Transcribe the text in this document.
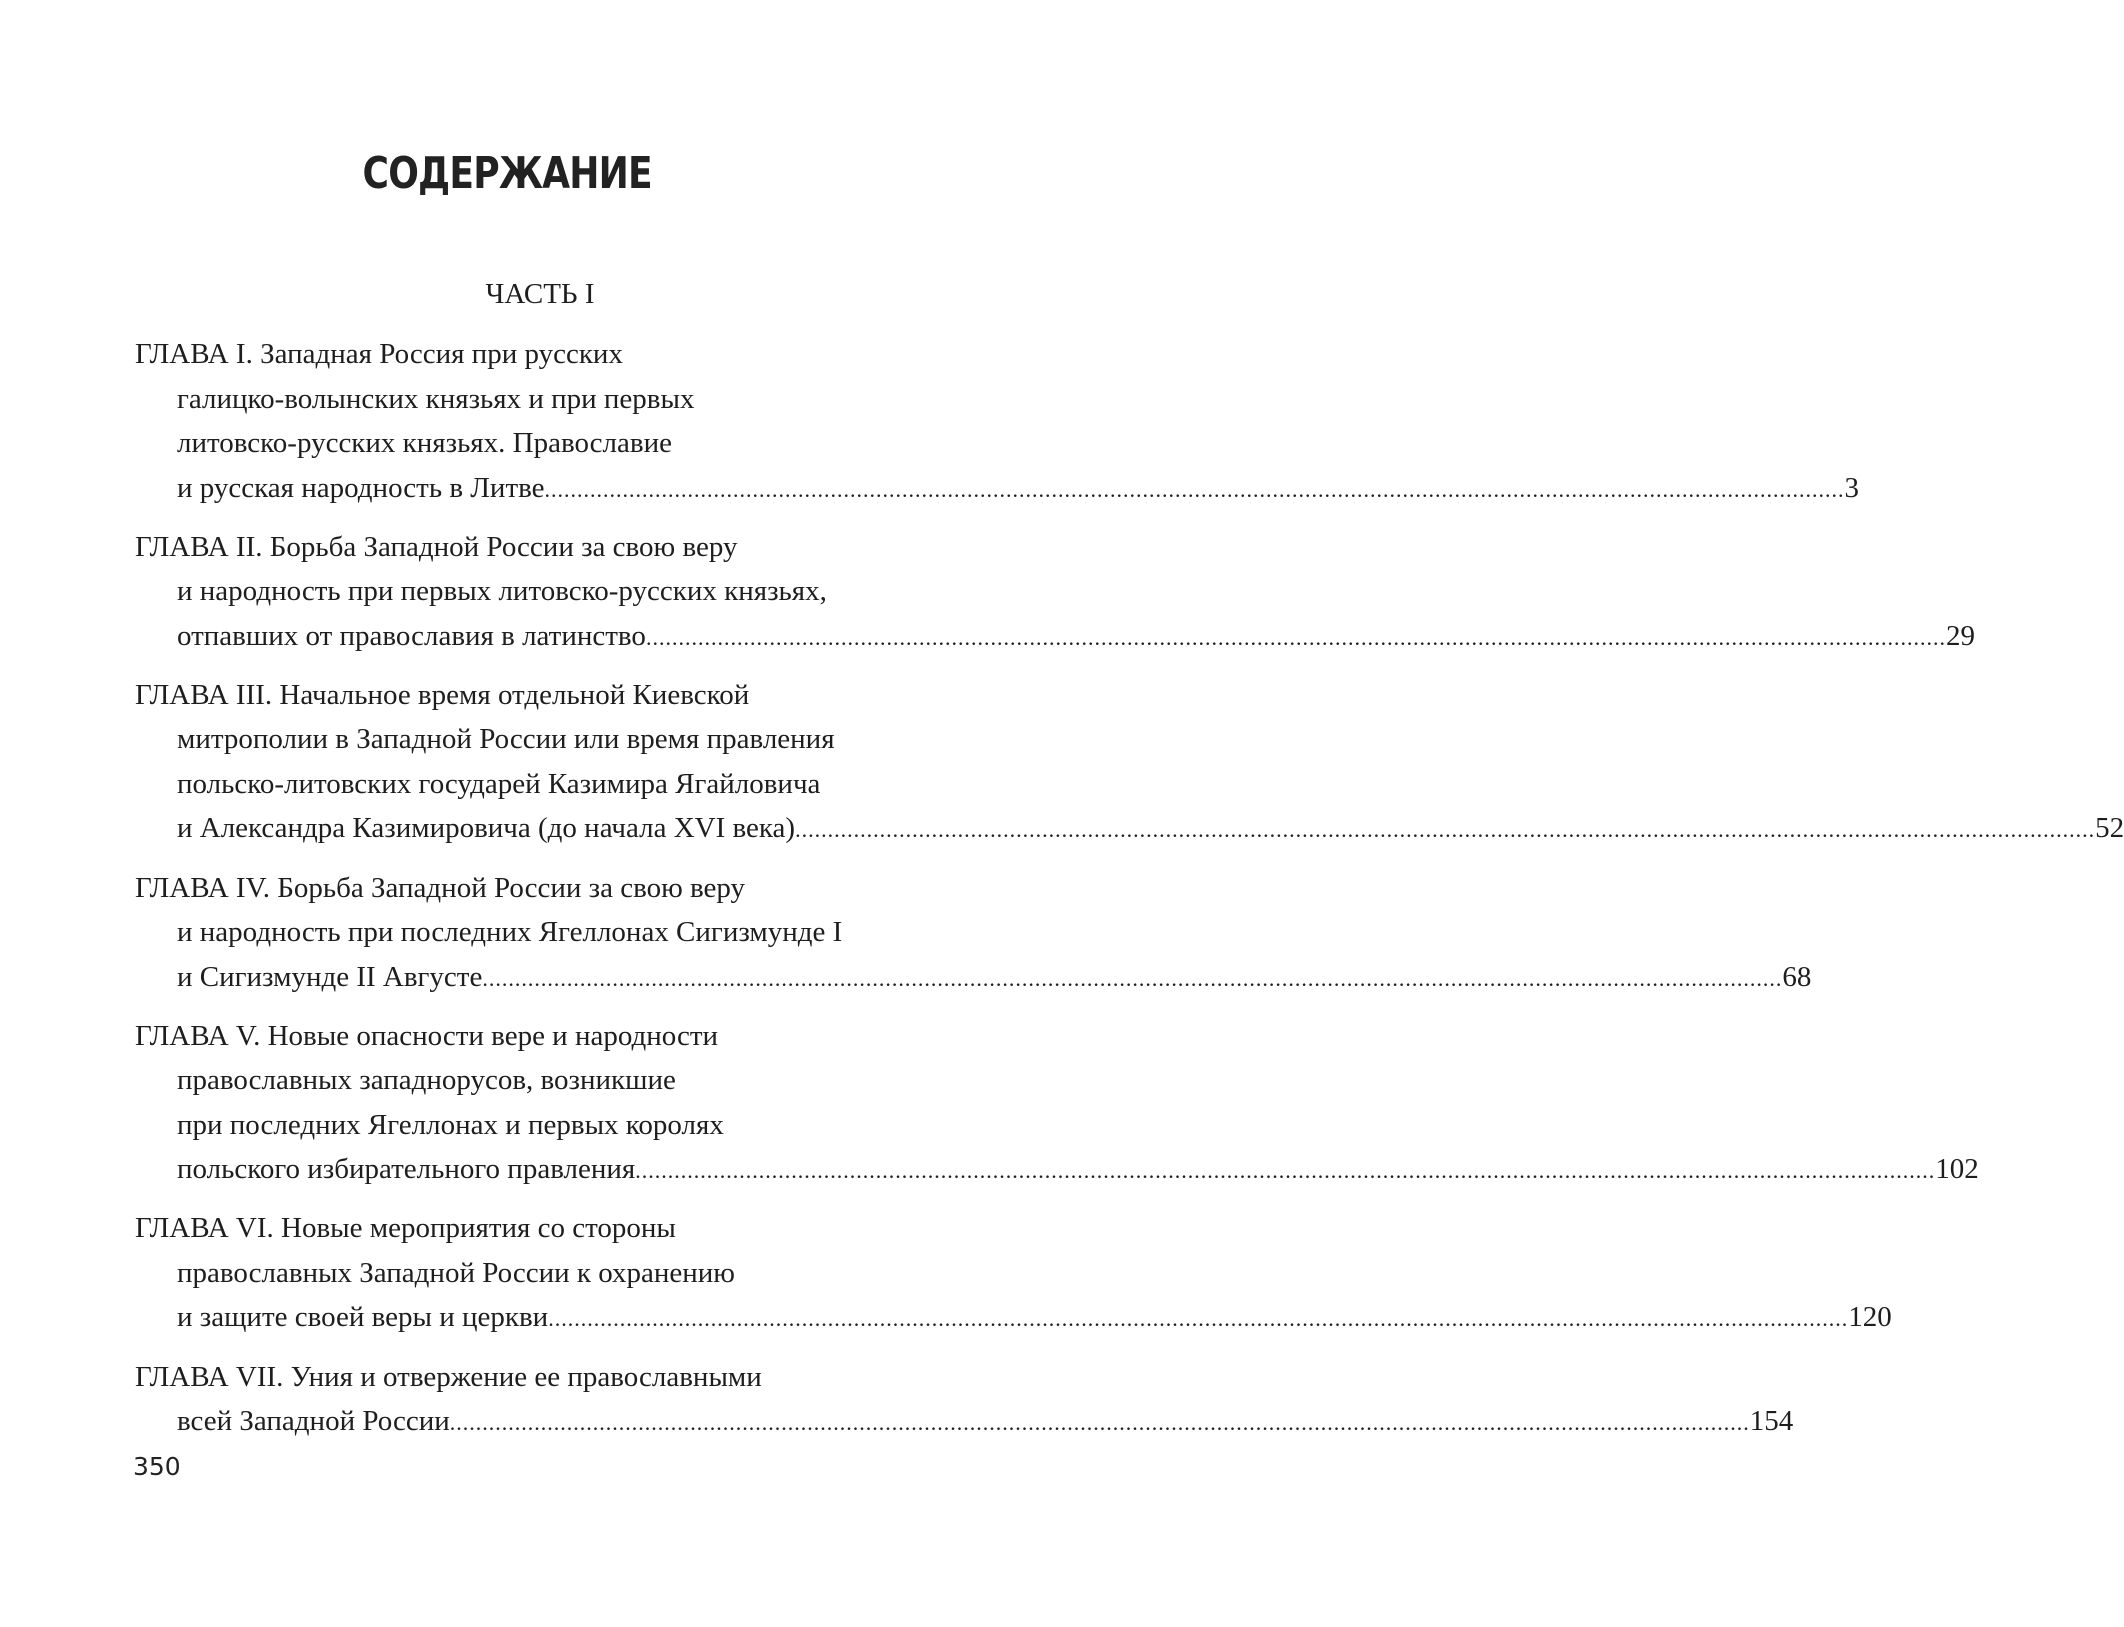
СОДЕРЖАНИЕ
ЧАСТЬ I
ГЛАВА I. Западная Россия при русских
галицко-волынских князьях и при первых
литовско-русских князьях. Православие
и русская народность в Литве ........................................................................................................................................................................................................ 3
ГЛАВА II. Борьба Западной России за свою веру
и народность при первых литовско-русских князьях,
отпавших от православия в латинство ........................................................................................................................................................................................................ 29
ГЛАВА III. Начальное время отдельной Киевской
митрополии в Западной России или время правления
польско-литовских государей Казимира Ягайловича
и Александра Казимировича (до начала XVI века) ........................................................................................................................................................................................................ 52
ГЛАВА IV. Борьба Западной России за свою веру
и народность при последних Ягеллонах Сигизмунде I
и Сигизмунде II Августе ........................................................................................................................................................................................................ 68
ГЛАВА V. Новые опасности вере и народности
православных западнорусов, возникшие
при последних Ягеллонах и первых королях
польского избирательного правления ........................................................................................................................................................................................................ 102
ГЛАВА VI. Новые мероприятия со стороны
православных Западной России к охранению
и защите своей веры и церкви ........................................................................................................................................................................................................ 120
ГЛАВА VII. Уния и отвержение ее православными
всей Западной России ........................................................................................................................................................................................................ 154
350
